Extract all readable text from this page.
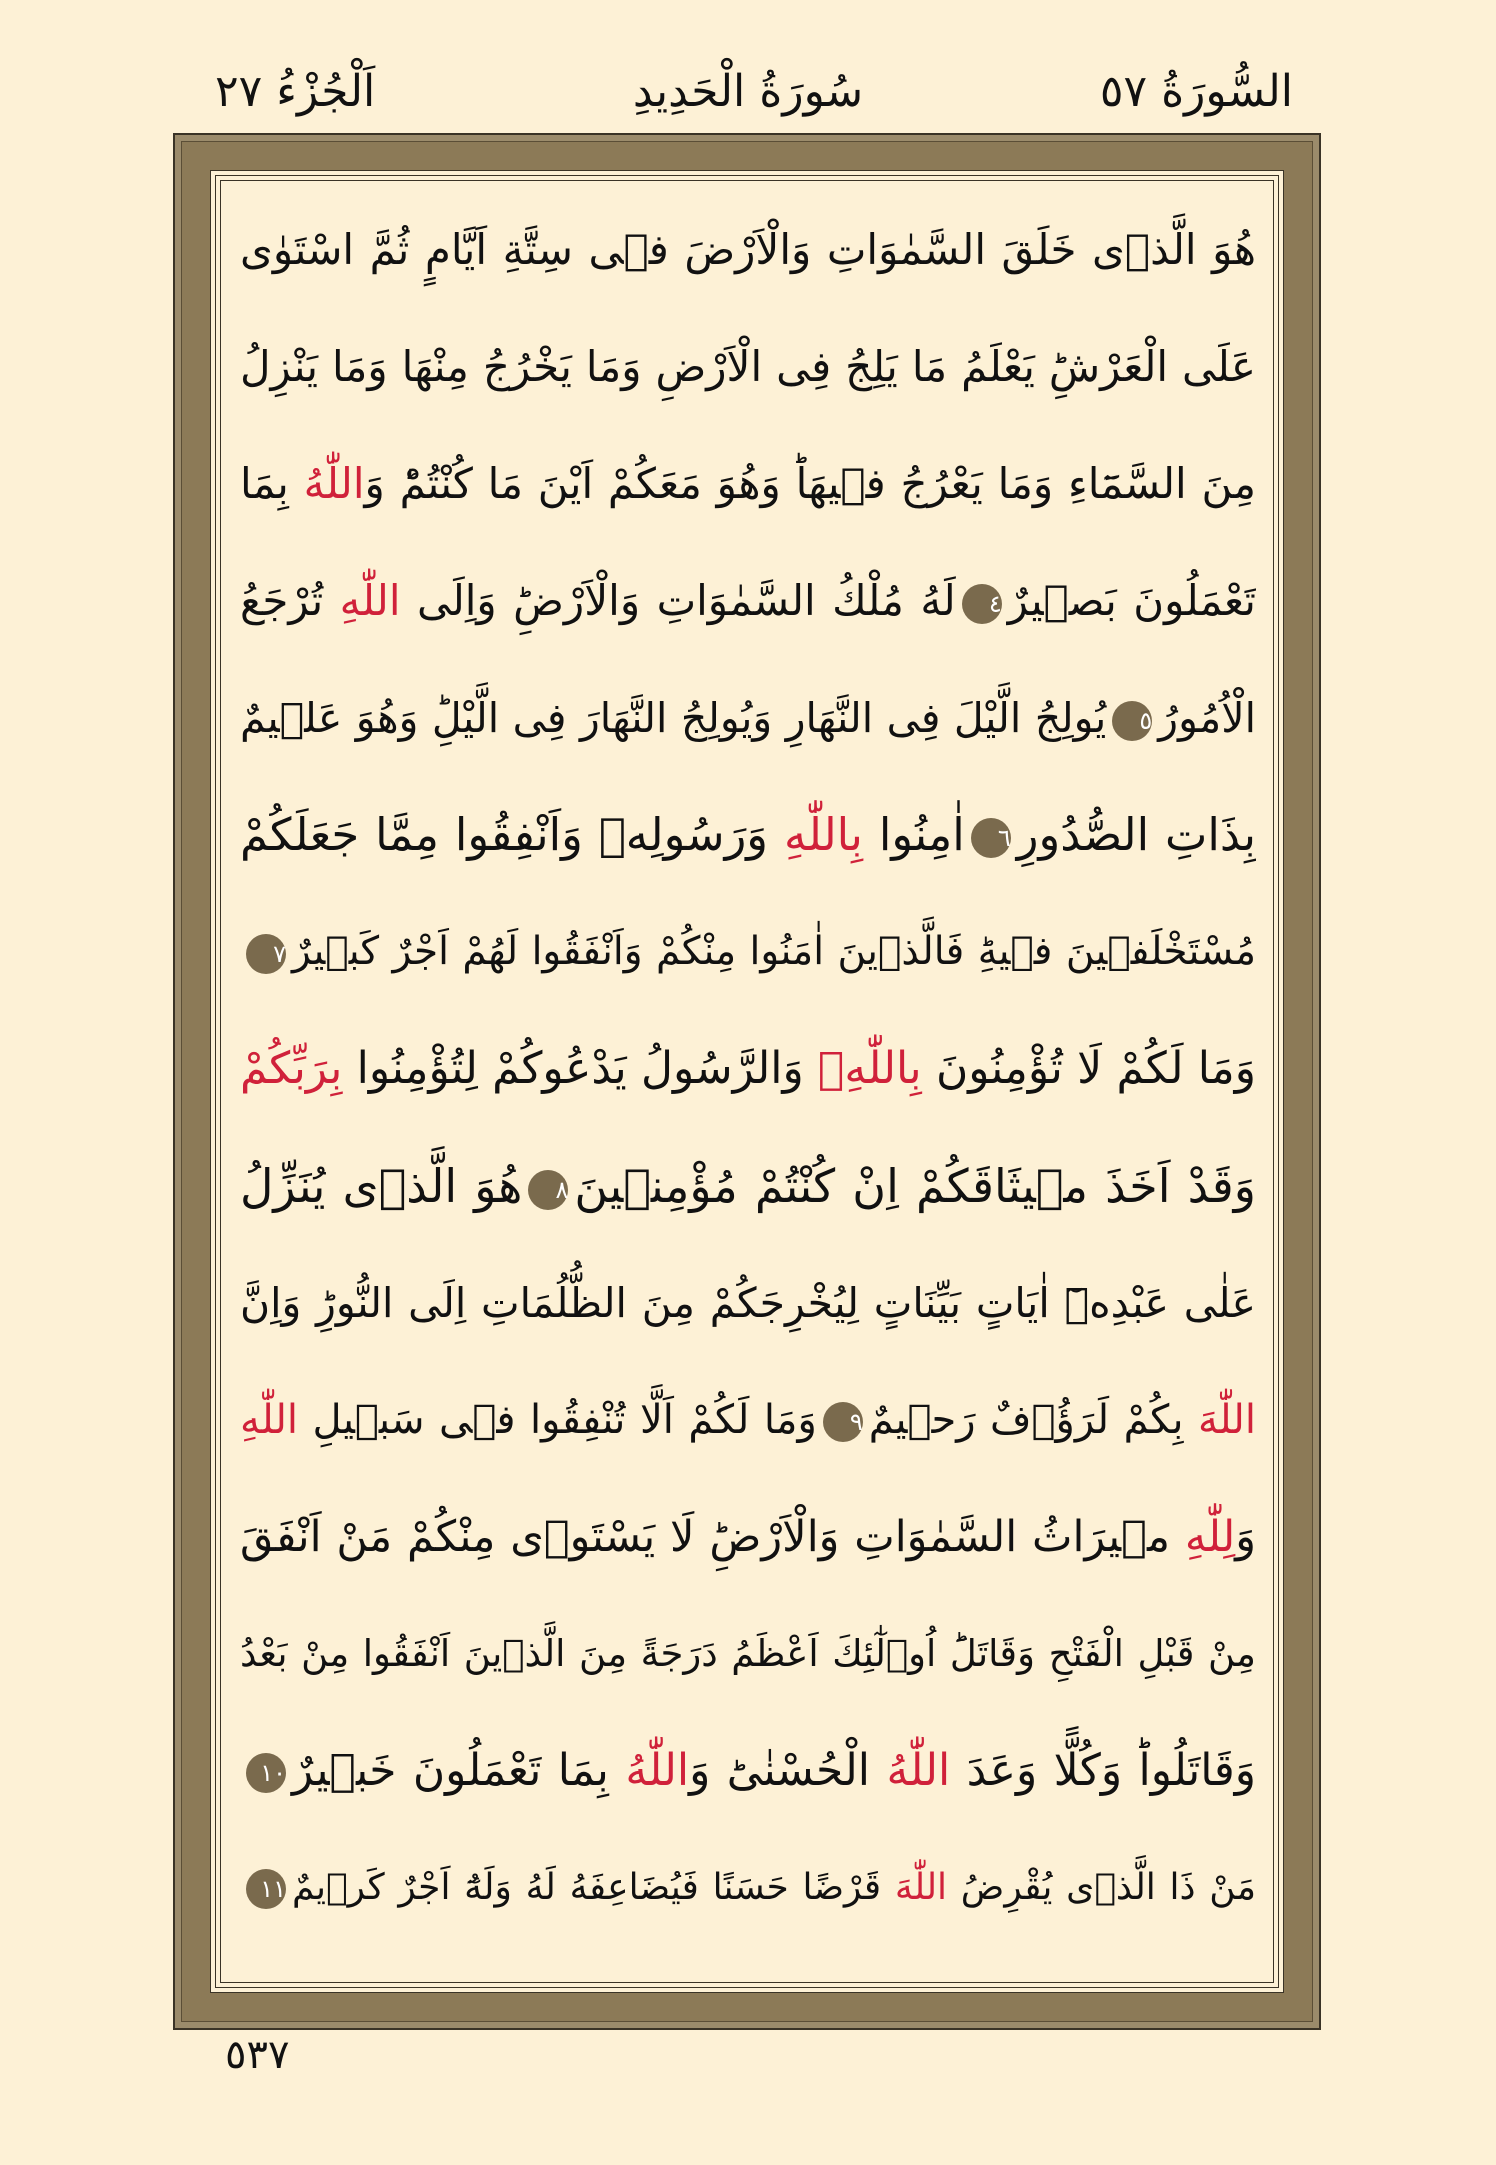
السُّورَةُ ٥٧
سُورَةُ الْحَدِيدِ
اَلْجُزْءُ ٢٧
هُوَ الَّذٖى خَلَقَ السَّمٰوَاتِ وَالْاَرْضَ فٖى سِتَّةِ اَيَّامٍ ثُمَّ اسْتَوٰى
عَلَى الْعَرْشِؕ يَعْلَمُ مَا يَلِجُ فِى الْاَرْضِ وَمَا يَخْرُجُ مِنْهَا وَمَا يَنْزِلُ
مِنَ السَّمَٓاءِ وَمَا يَعْرُجُ فٖيهَاؕ وَهُوَ مَعَكُمْ اَيْنَ مَا كُنْتُمْؕ وَاللّٰهُ بِمَا
تَعْمَلُونَ بَصٖيرٌ٤لَهُ مُلْكُ السَّمٰوَاتِ وَالْاَرْضِؕ وَاِلَى اللّٰهِ تُرْجَعُ
الْاُمُورُ٥يُولِجُ الَّيْلَ فِى النَّهَارِ وَيُولِجُ النَّهَارَ فِى الَّيْلِؕ وَهُوَ عَلٖيمٌ
بِذَاتِ الصُّدُورِ٦اٰمِنُوا بِاللّٰهِ وَرَسُولِهٖ وَاَنْفِقُوا مِمَّا جَعَلَكُمْ
مُسْتَخْلَفٖينَ فٖيهِؕ فَالَّذٖينَ اٰمَنُوا مِنْكُمْ وَاَنْفَقُوا لَهُمْ اَجْرٌ كَبٖيرٌ٧
وَمَا لَكُمْ لَا تُؤْمِنُونَ بِاللّٰهِۚ وَالرَّسُولُ يَدْعُوكُمْ لِتُؤْمِنُوا بِرَبِّكُمْ
وَقَدْ اَخَذَ مٖيثَاقَكُمْ اِنْ كُنْتُمْ مُؤْمِنٖينَ٨هُوَ الَّذٖى يُنَزِّلُ
عَلٰى عَبْدِهٖٓ اٰيَاتٍ بَيِّنَاتٍ لِيُخْرِجَكُمْ مِنَ الظُّلُمَاتِ اِلَى النُّورِؕ وَاِنَّ
اللّٰهَ بِكُمْ لَرَؤُ۫فٌ رَحٖيمٌ٩وَمَا لَكُمْ اَلَّا تُنْفِقُوا فٖى سَبٖيلِ اللّٰهِ
وَلِلّٰهِ مٖيرَاثُ السَّمٰوَاتِ وَالْاَرْضِؕ لَا يَسْتَوٖى مِنْكُمْ مَنْ اَنْفَقَ
مِنْ قَبْلِ الْفَتْحِ وَقَاتَلَؕ اُو۬لٰٓئِكَ اَعْظَمُ دَرَجَةً مِنَ الَّذٖينَ اَنْفَقُوا مِنْ بَعْدُ
وَقَاتَلُواؕ وَكُلًّا وَعَدَ اللّٰهُ الْحُسْنٰىؕ وَاللّٰهُ بِمَا تَعْمَلُونَ خَبٖيرٌ١٠
مَنْ ذَا الَّذٖى يُقْرِضُ اللّٰهَ قَرْضًا حَسَنًا فَيُضَاعِفَهُ لَهُ وَلَهُٓ اَجْرٌ كَرٖيمٌ١١
٥٣٧
